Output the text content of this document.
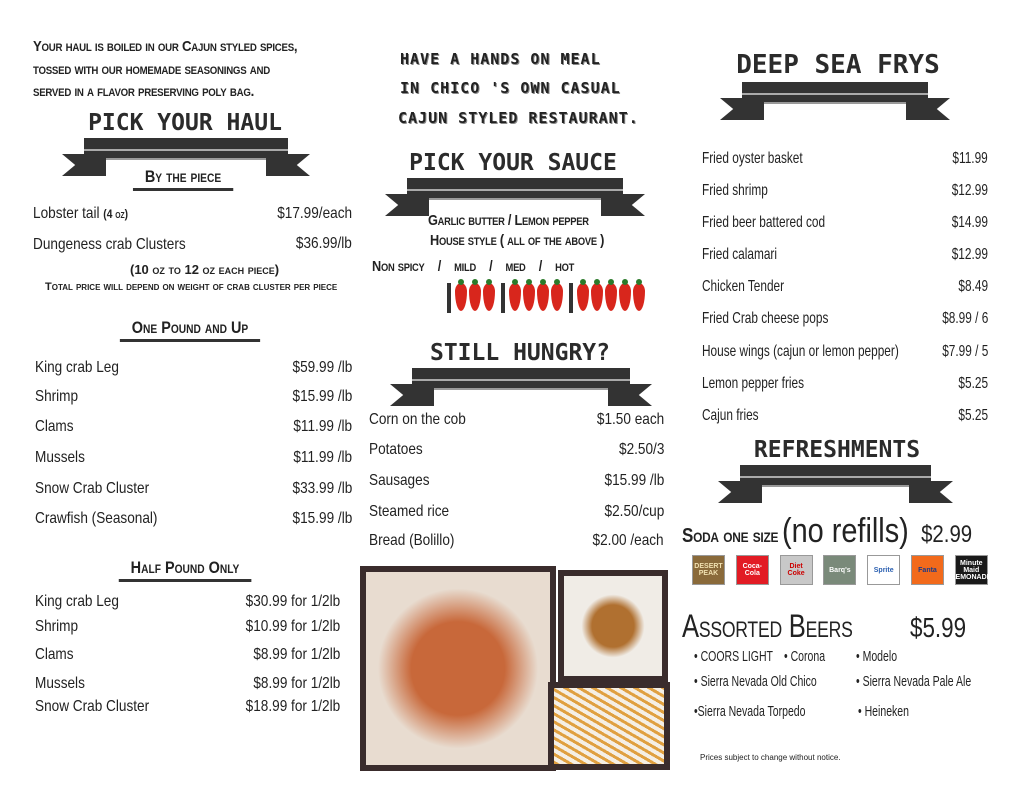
Your haul is boiled in our Cajun styled spices,
tossed with our homemade seasonings and
served in a flavor preserving poly bag.
PICK YOUR HAUL
By the piece
Lobster tail (4 oz)	$17.99/each
Dungeness crab Clusters	$36.99/lb
(10 oz to 12 oz each piece)
Total price will depend on weight of crab cluster per piece
One Pound and Up
King crab Leg	$59.99 /lb
Shrimp	$15.99 /lb
Clams	$11.99 /lb
Mussels	$11.99 /lb
Snow Crab Cluster	$33.99 /lb
Crawfish (Seasonal)	$15.99 /lb
Half Pound Only
King crab Leg	$30.99 for 1/2lb
Shrimp	$10.99 for 1/2lb
Clams	$8.99 for 1/2lb
Mussels	$8.99 for 1/2lb
Snow Crab Cluster	$18.99 for 1/2lb
HAVE A HANDS ON MEAL
IN CHICO 'S OWN CASUAL
CAJUN STYLED RESTAURANT.
PICK YOUR SAUCE
Garlic butter / Lemon pepper
House style ( all of the above )
Non spicy    /    mild    /    med    /    hot
STILL HUNGRY?
Corn on the cob	$1.50 each
Potatoes	$2.50/3
Sausages	$15.99 /lb
Steamed rice	$2.50/cup
Bread (Bolillo)	$2.00 /each
DEEP SEA FRYS
Fried oyster basket	$11.99
Fried shrimp	$12.99
Fried beer battered cod	$14.99
Fried calamari	$12.99
Chicken Tender	$8.49
Fried Crab cheese pops	$8.99 / 6
House wings (cajun or lemon pepper)	$7.99 / 5
Lemon pepper fries	$5.25
Cajun fries	$5.25
REFRESHMENTS
Soda one size (no refills) $2.99
DESERT PEAK
Coca-Cola
Diet Coke	Barq's	Sprite	Fanta
Minute Maid LEMONADE
Assorted Beers $5.99
• COORS LIGHT • Corona • Modelo
• Sierra Nevada Old Chico	• Sierra Nevada Pale Ale
•Sierra Nevada Torpedo	• Heineken
Prices subject to change without notice.
